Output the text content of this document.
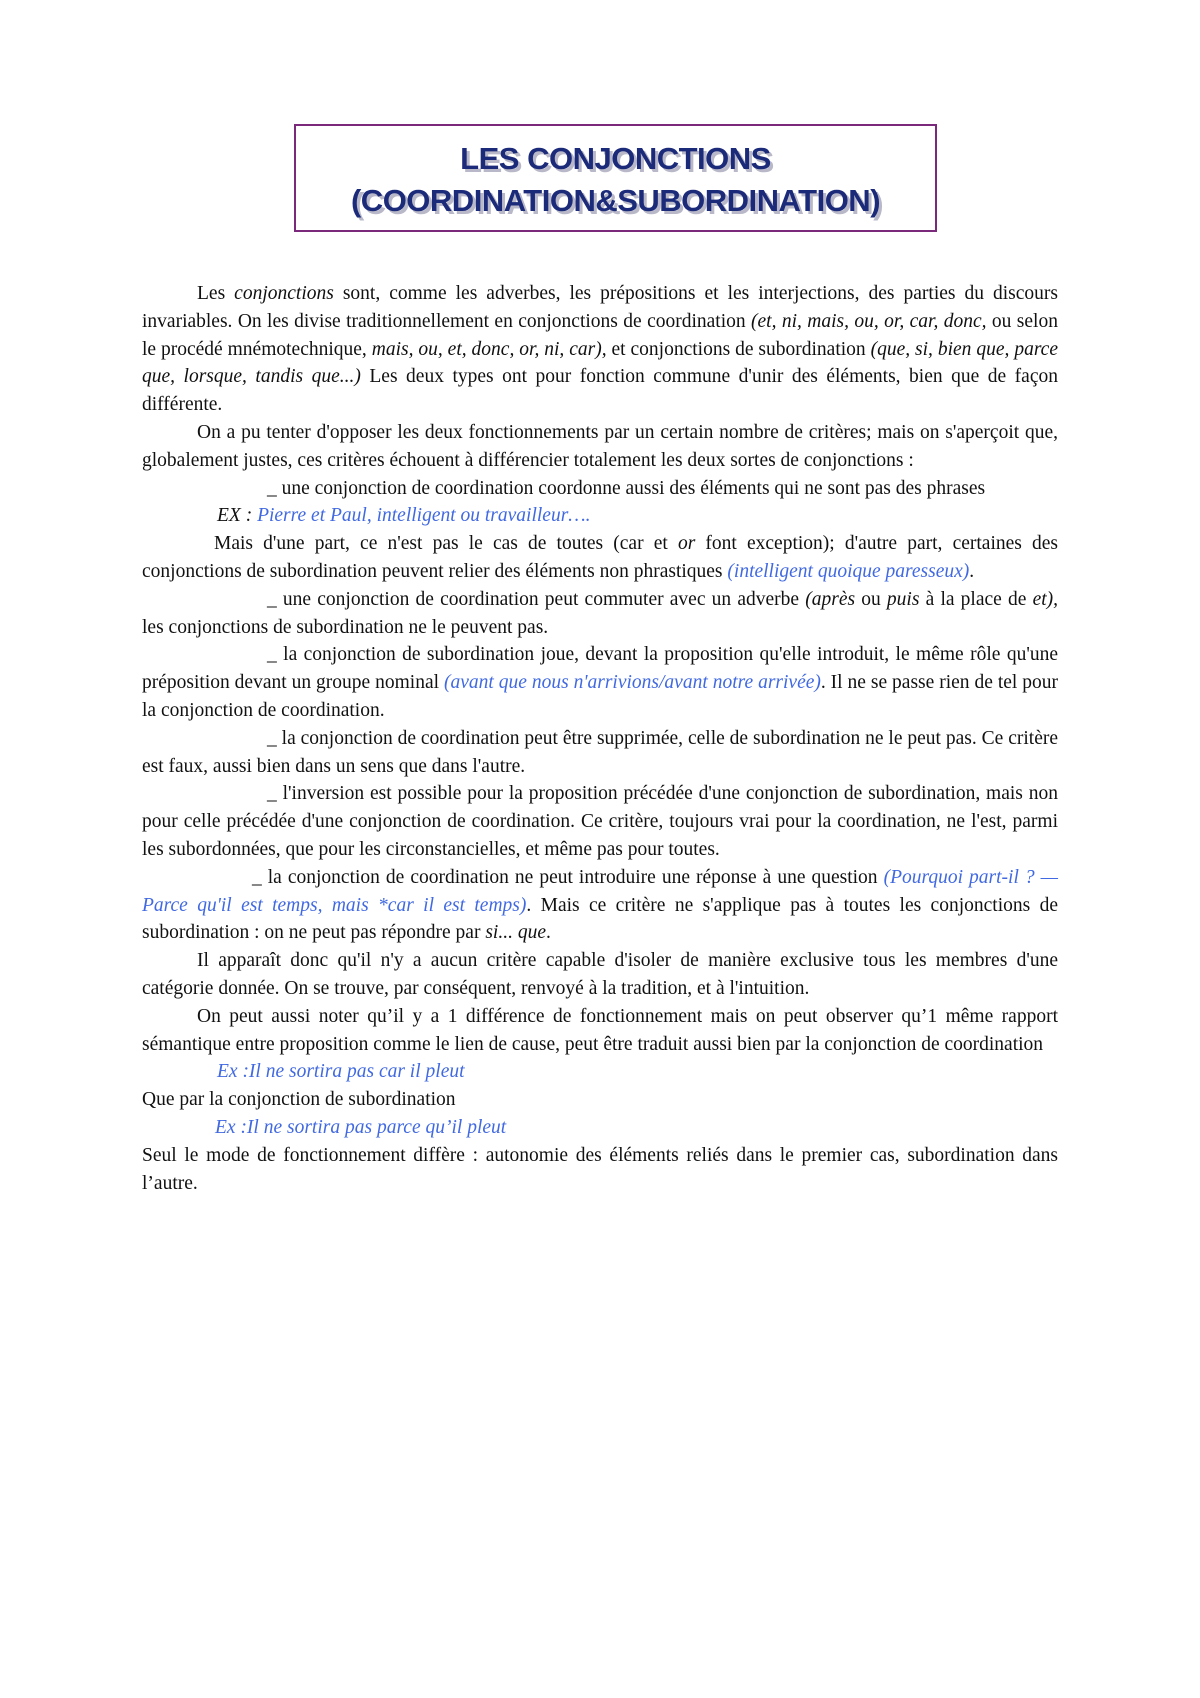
LES CONJONCTIONS
(COORDINATION&SUBORDINATION)

Les conjonctions sont, comme les adverbes, les prépositions et les interjections, des parties du discours invariables. On les divise traditionnellement en conjonctions de coordination (et, ni, mais, ou, or, car, donc, ou selon le procédé mnémotechnique, mais, ou, et, donc, or, ni, car), et conjonctions de subordination (que, si, bien que, parce que, lorsque, tandis que...) Les deux types ont pour fonction commune d'unir des éléments, bien que de façon différente.

On a pu tenter d'opposer les deux fonctionnements par un certain nombre de critères; mais on s'aperçoit que, globalement justes, ces critères échouent à différencier totalement les deux sortes de conjonctions :

_ une conjonction de coordination coordonne aussi des éléments qui ne sont pas des phrases

EX : Pierre et Paul, intelligent ou travailleur….

Mais d'une part, ce n'est pas le cas de toutes (car et or font exception); d'autre part, certaines des conjonctions de subordination peuvent relier des éléments non phrastiques (intelligent quoique paresseux).

_ une conjonction de coordination peut commuter avec un adverbe (après ou puis à la place de et), les conjonctions de subordination ne le peuvent pas.

_ la conjonction de subordination joue, devant la proposition qu'elle introduit, le même rôle qu'une préposition devant un groupe nominal (avant que nous n'arrivions/avant notre arrivée). Il ne se passe rien de tel pour la conjonction de coordination.

_ la conjonction de coordination peut être supprimée, celle de subordination ne le peut pas. Ce critère est faux, aussi bien dans un sens que dans l'autre.

_ l'inversion est possible pour la proposition précédée d'une conjonction de subordination, mais non pour celle précédée d'une conjonction de coordination. Ce critère, toujours vrai pour la coordination, ne l'est, parmi les subordonnées, que pour les circonstancielles, et même pas pour toutes.

_ la conjonction de coordination ne peut introduire une réponse à une question (Pourquoi part-il ? — Parce qu'il est temps, mais *car il est temps). Mais ce critère ne s'applique pas à toutes les conjonctions de subordination : on ne peut pas répondre par si... que.

Il apparaît donc qu'il n'y a aucun critère capable d'isoler de manière exclusive tous les membres d'une catégorie donnée. On se trouve, par conséquent, renvoyé à la tradition, et à l'intuition.

On peut aussi noter qu’il y a 1 différence de fonctionnement mais on peut observer qu’1 même rapport sémantique entre proposition comme le lien de cause, peut être traduit aussi bien par la conjonction de coordination

Ex :Il ne sortira pas car il pleut

Que par la conjonction de subordination

Ex :Il ne sortira pas parce qu’il pleut

Seul le mode de fonctionnement diffère : autonomie des éléments reliés dans le premier cas, subordination dans l’autre.
